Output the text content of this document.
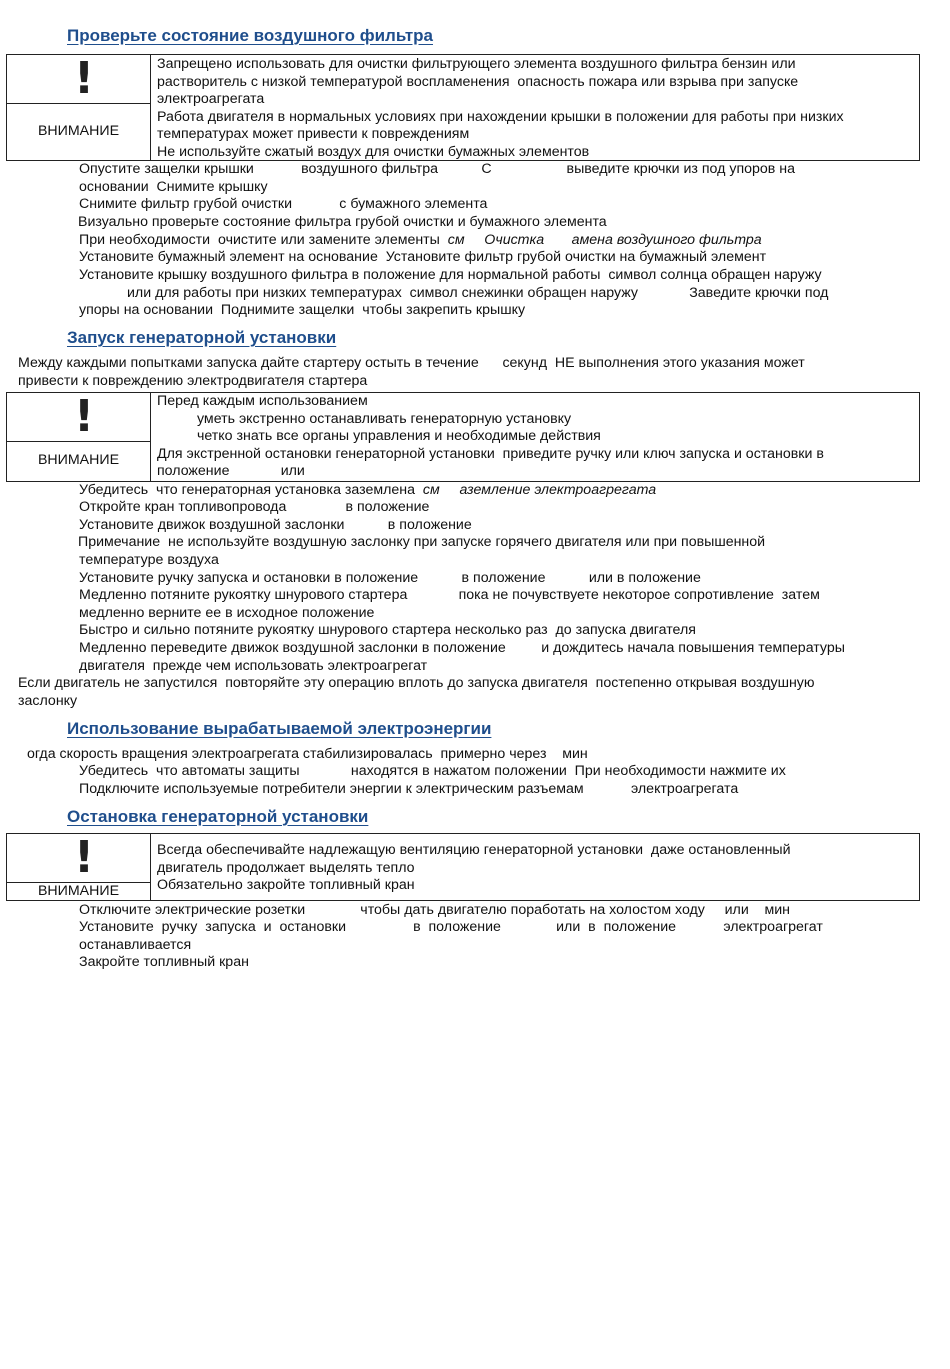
Проверьте состояние воздушного фильтра
!
ВНИМАНИЕ

Запрещено использовать для очистки фильтрующего элемента воздушного фильтра бензин или

растворитель с низкой температурой воспламенения  опасность пожара или взрыва при запуске

электроагрегата

Работа двигателя в нормальных условиях при нахождении крышки в положении для работы при низких

температурах может привести к повреждениям

Не используйте сжатый воздух для очистки бумажных элементов

Опустите защелки крышки            воздушного фильтра           С                   выведите крючки из под упоров на

основании  Снимите крышку

Снимите фильтр грубой очистки            с бумажного элемента

Визуально проверьте состояние фильтра грубой очистки и бумажного элемента

При необходимости  очистите или замените элементы см     Очистка       амена воздушного фильтра

Установите бумажный элемент на основание  Установите фильтр грубой очистки на бумажный элемент

Установите крышку воздушного фильтра в положение для нормальной работы  символ солнца обращен наружу

или для работы при низких температурах  символ снежинки обращен наружу             Заведите крючки под

упоры на основании  Поднимите защелки  чтобы закрепить крышку

Запуск генераторной установки

Между каждыми попытками запуска дайте стартеру остыть в течение      секунд  НЕ выполнения этого указания может

привести к повреждению электродвигателя стартера

!
ВНИМАНИЕ

Перед каждым использованием

уметь экстренно останавливать генераторную установку

четко знать все органы управления и необходимые действия

Для экстренной остановки генераторной установки  приведите ручку или ключ запуска и остановки в

положение             или

Убедитесь  что генераторная установка заземлена см     аземление электроагрегата

Откройте кран топливопровода               в положение

Установите движок воздушной заслонки           в положение

Примечание  не используйте воздушную заслонку при запуске горячего двигателя или при повышенной

температуре воздуха

Установите ручку запуска и остановки в положение           в положение           или в положение

Медленно потяните рукоятку шнурового стартера             пока не почувствуете некоторое сопротивление  затем

медленно верните ее в исходное положение

Быстро и сильно потяните рукоятку шнурового стартера несколько раз  до запуска двигателя

Медленно переведите движок воздушной заслонки в положение         и дождитесь начала повышения температуры

двигателя  прежде чем использовать электроагрегат

Если двигатель не запустился  повторяйте эту операцию вплоть до запуска двигателя  постепенно открывая воздушную

заслонку

Использование вырабатываемой электроэнергии

огда скорость вращения электроагрегата стабилизировалась  примерно через    мин

Убедитесь  что автоматы защиты             находятся в нажатом положении  При необходимости нажмите их

Подключите используемые потребители энергии к электрическим разъемам            электроагрегата

Остановка генераторной установки
!
ВНИМАНИЕ

Всегда обеспечивайте надлежащую вентиляцию генераторной установки  даже остановленный

двигатель продолжает выделять тепло

Обязательно закройте топливный кран

Отключите электрические розетки              чтобы дать двигателю поработать на холостом ходу     или    мин

Установите  ручку  запуска  и  остановки                 в  положение              или  в  положение            электроагрегат

останавливается

Закройте топливный кран
